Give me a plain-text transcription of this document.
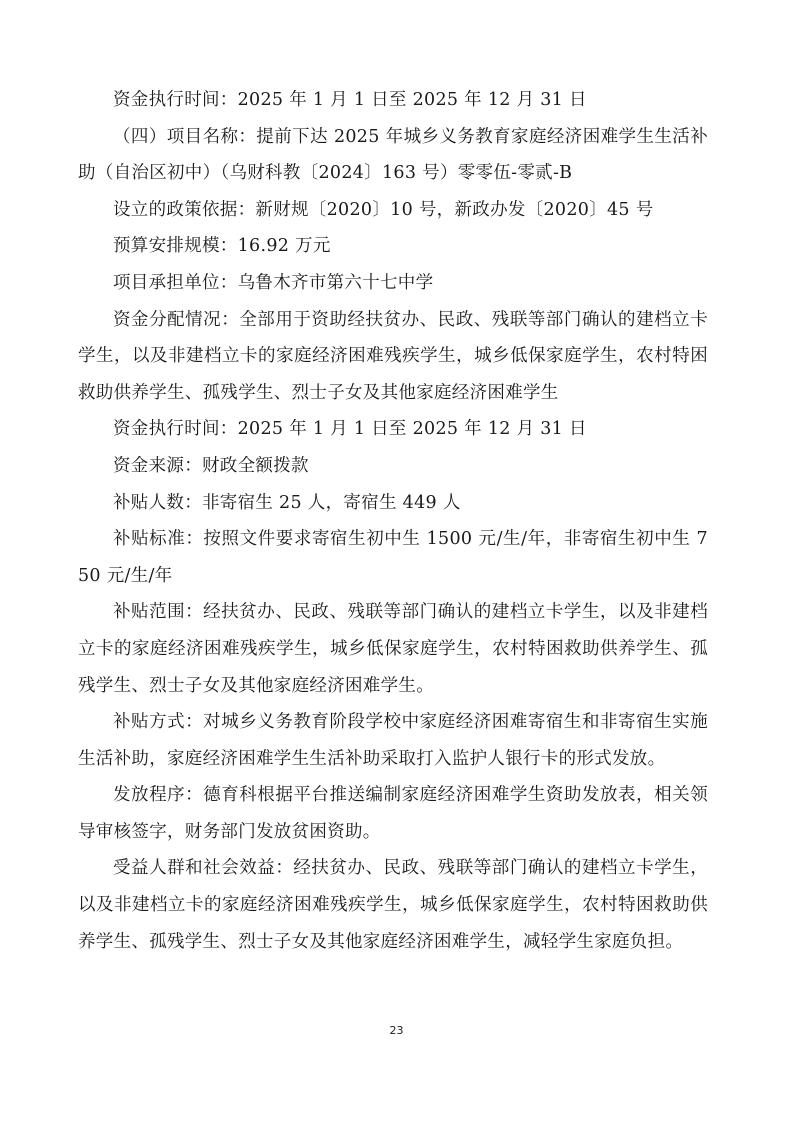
资金执行时间：2025 年 1 月 1 日至 2025 年 12 月 31 日

（四）项目名称：提前下达 2025 年城乡义务教育家庭经济困难学生生活补助（自治区初中）（乌财科教〔2024〕163 号）零零伍-零贰-B

设立的政策依据：新财规〔2020〕10 号，新政办发〔2020〕45 号

预算安排规模：16.92 万元

项目承担单位：乌鲁木齐市第六十七中学

资金分配情况：全部用于资助经扶贫办、民政、残联等部门确认的建档立卡学生，以及非建档立卡的家庭经济困难残疾学生，城乡低保家庭学生，农村特困救助供养学生、孤残学生、烈士子女及其他家庭经济困难学生

资金执行时间：2025 年 1 月 1 日至 2025 年 12 月 31 日

资金来源：财政全额拨款

补贴人数：非寄宿生 25 人，寄宿生 449 人

补贴标准：按照文件要求寄宿生初中生 1500 元/生/年，非寄宿生初中生 750 元/生/年

补贴范围：经扶贫办、民政、残联等部门确认的建档立卡学生，以及非建档立卡的家庭经济困难残疾学生，城乡低保家庭学生，农村特困救助供养学生、孤残学生、烈士子女及其他家庭经济困难学生。

补贴方式：对城乡义务教育阶段学校中家庭经济困难寄宿生和非寄宿生实施生活补助，家庭经济困难学生生活补助采取打入监护人银行卡的形式发放。

发放程序：德育科根据平台推送编制家庭经济困难学生资助发放表，相关领导审核签字，财务部门发放贫困资助。

受益人群和社会效益：经扶贫办、民政、残联等部门确认的建档立卡学生，以及非建档立卡的家庭经济困难残疾学生，城乡低保家庭学生，农村特困救助供养学生、孤残学生、烈士子女及其他家庭经济困难学生，减轻学生家庭负担。

23
